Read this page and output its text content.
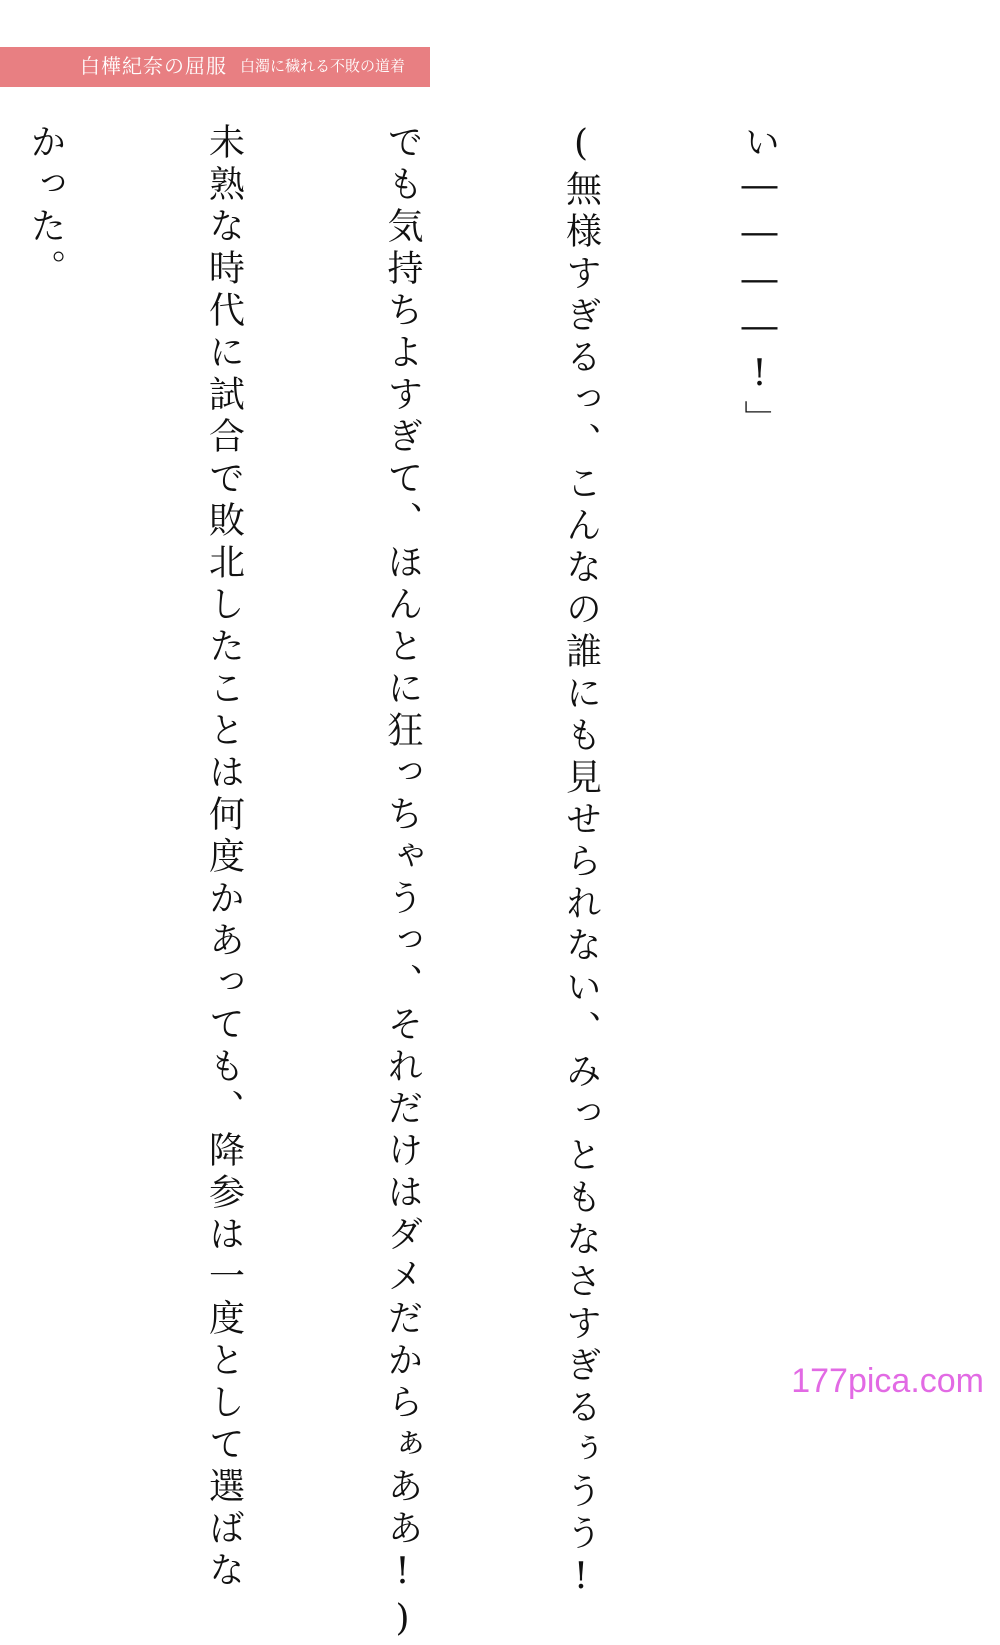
白樺紀奈の屈服 白濁に穢れる不敗の道着

い――――!」

(無様すぎるっ、こんなの誰にも見せられない、みっともなさすぎるぅうう!

でも気持ちよすぎて、ほんとに狂っちゃうっ、それだけはダメだからぁああ!)

未熟な時代に試合で敗北したことは何度かあっても、降参は一度として選ばな

かった。

177pica.com
